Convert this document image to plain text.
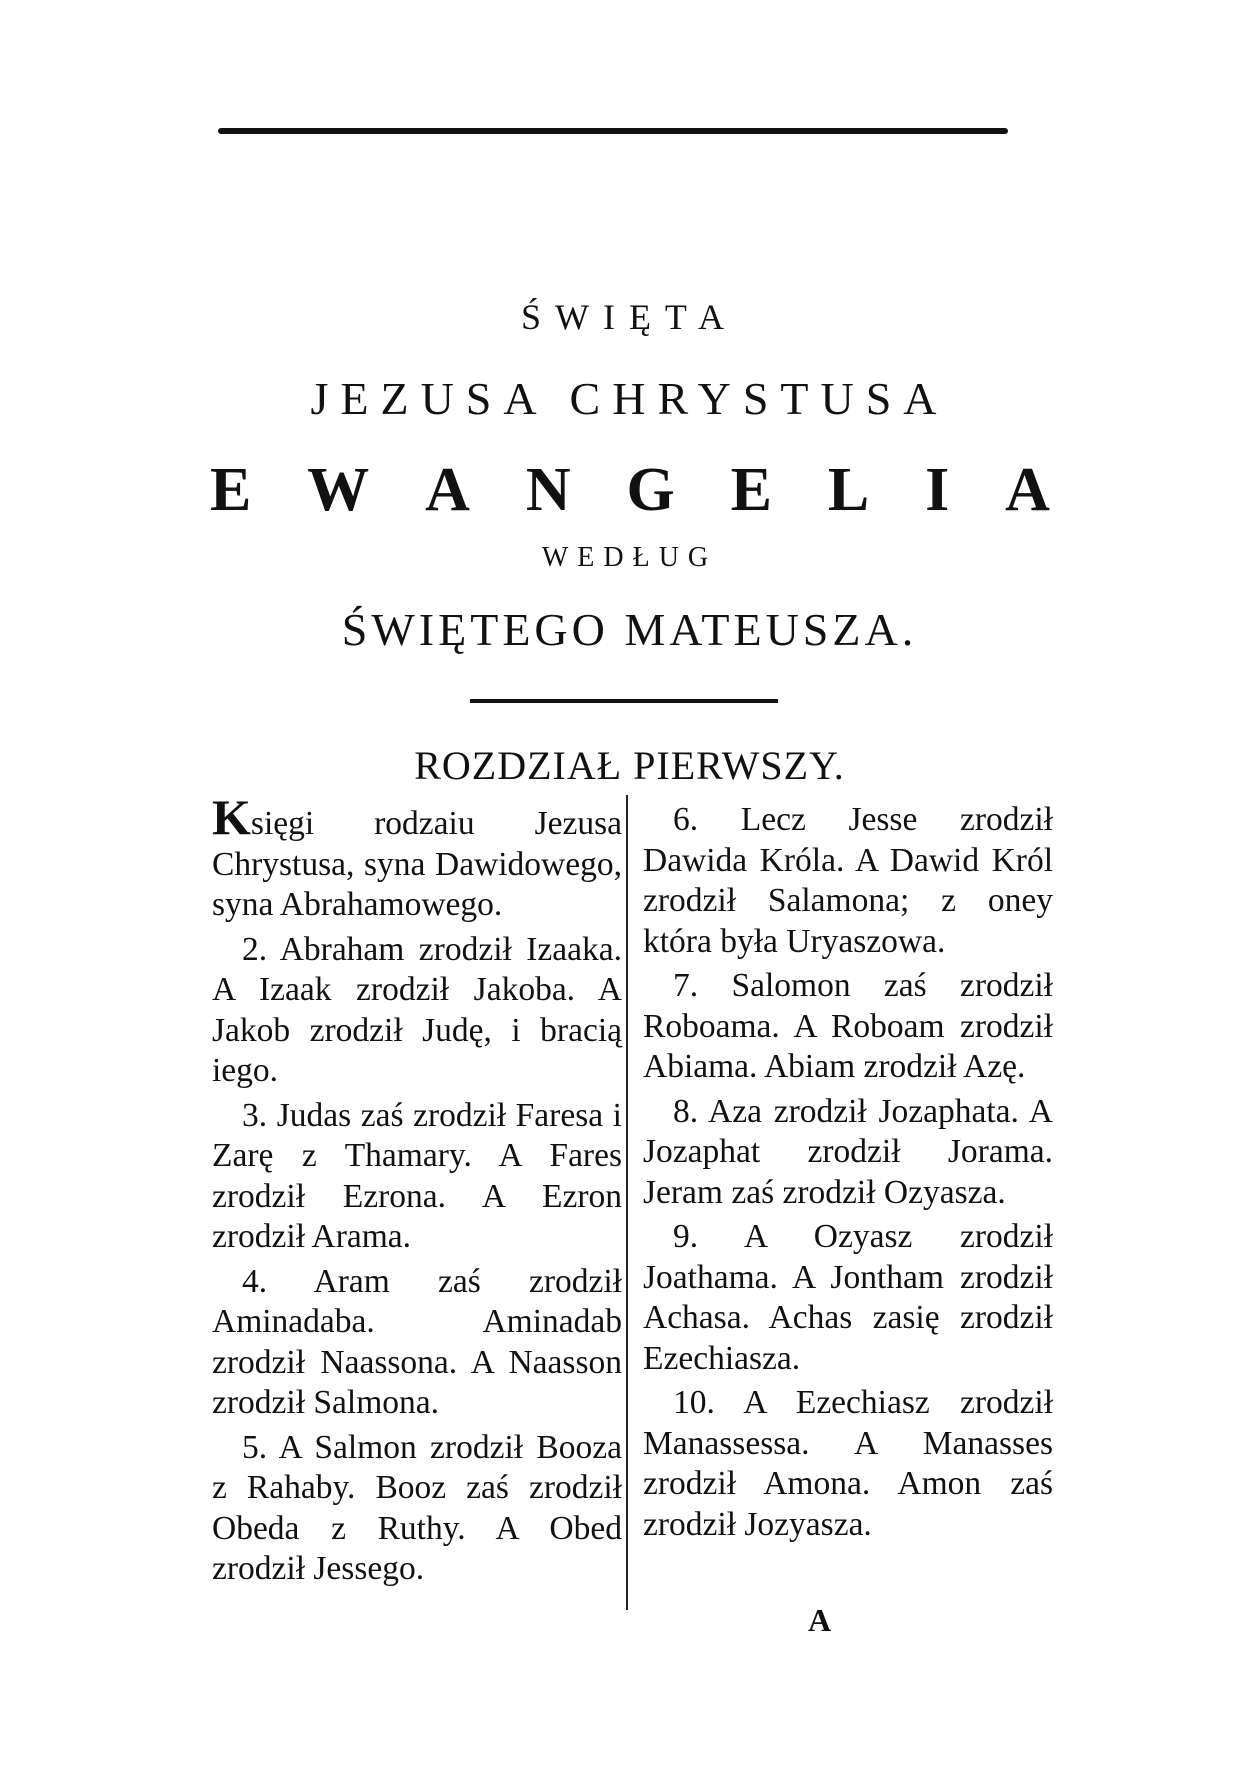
ŚWIĘTA
JEZUSA CHRYSTUSA
E W A N G E L I A
WEDŁUG
ŚWIĘTEGO MATEUSZA.
ROZDZIAŁ PIERWSZY.

Księgi rodzaiu Jezusa Chrystusa, syna Dawidowego, syna Abrahamowego.

2. Abraham zrodził Izaaka. A Izaak zrodził Jakoba. A Jakob zrodził Judę, i bracią iego.

3. Judas zaś zrodził Faresa i Zarę z Thamary. A Fares zrodził Ezrona. A Ezron zrodził Arama.

4. Aram zaś zrodził Aminadaba. Aminadab zrodził Naassona. A Naasson zrodził Salmona.

5. A Salmon zrodził Booza z Rahaby. Booz zaś zrodził Obeda z Ruthy. A Obed zrodził Jessego.

6. Lecz Jesse zrodził Dawida Króla. A Dawid Król zrodził Salamona; z oney która była Uryaszowa.

7. Salomon zaś zrodził Roboama. A Roboam zrodził Abiama. Abiam zrodził Azę.

8. Aza zrodził Jozaphata. A Jozaphat zrodził Jorama. Jeram zaś zrodził Ozyasza.

9. A Ozyasz zrodził Joathama. A Jontham zrodził Achasa. Achas zasię zrodził Ezechiasza.

10. A Ezechiasz zrodził Manassessa. A Manasses zrodził Amona. Amon zaś zrodził Jozyasza.

A
